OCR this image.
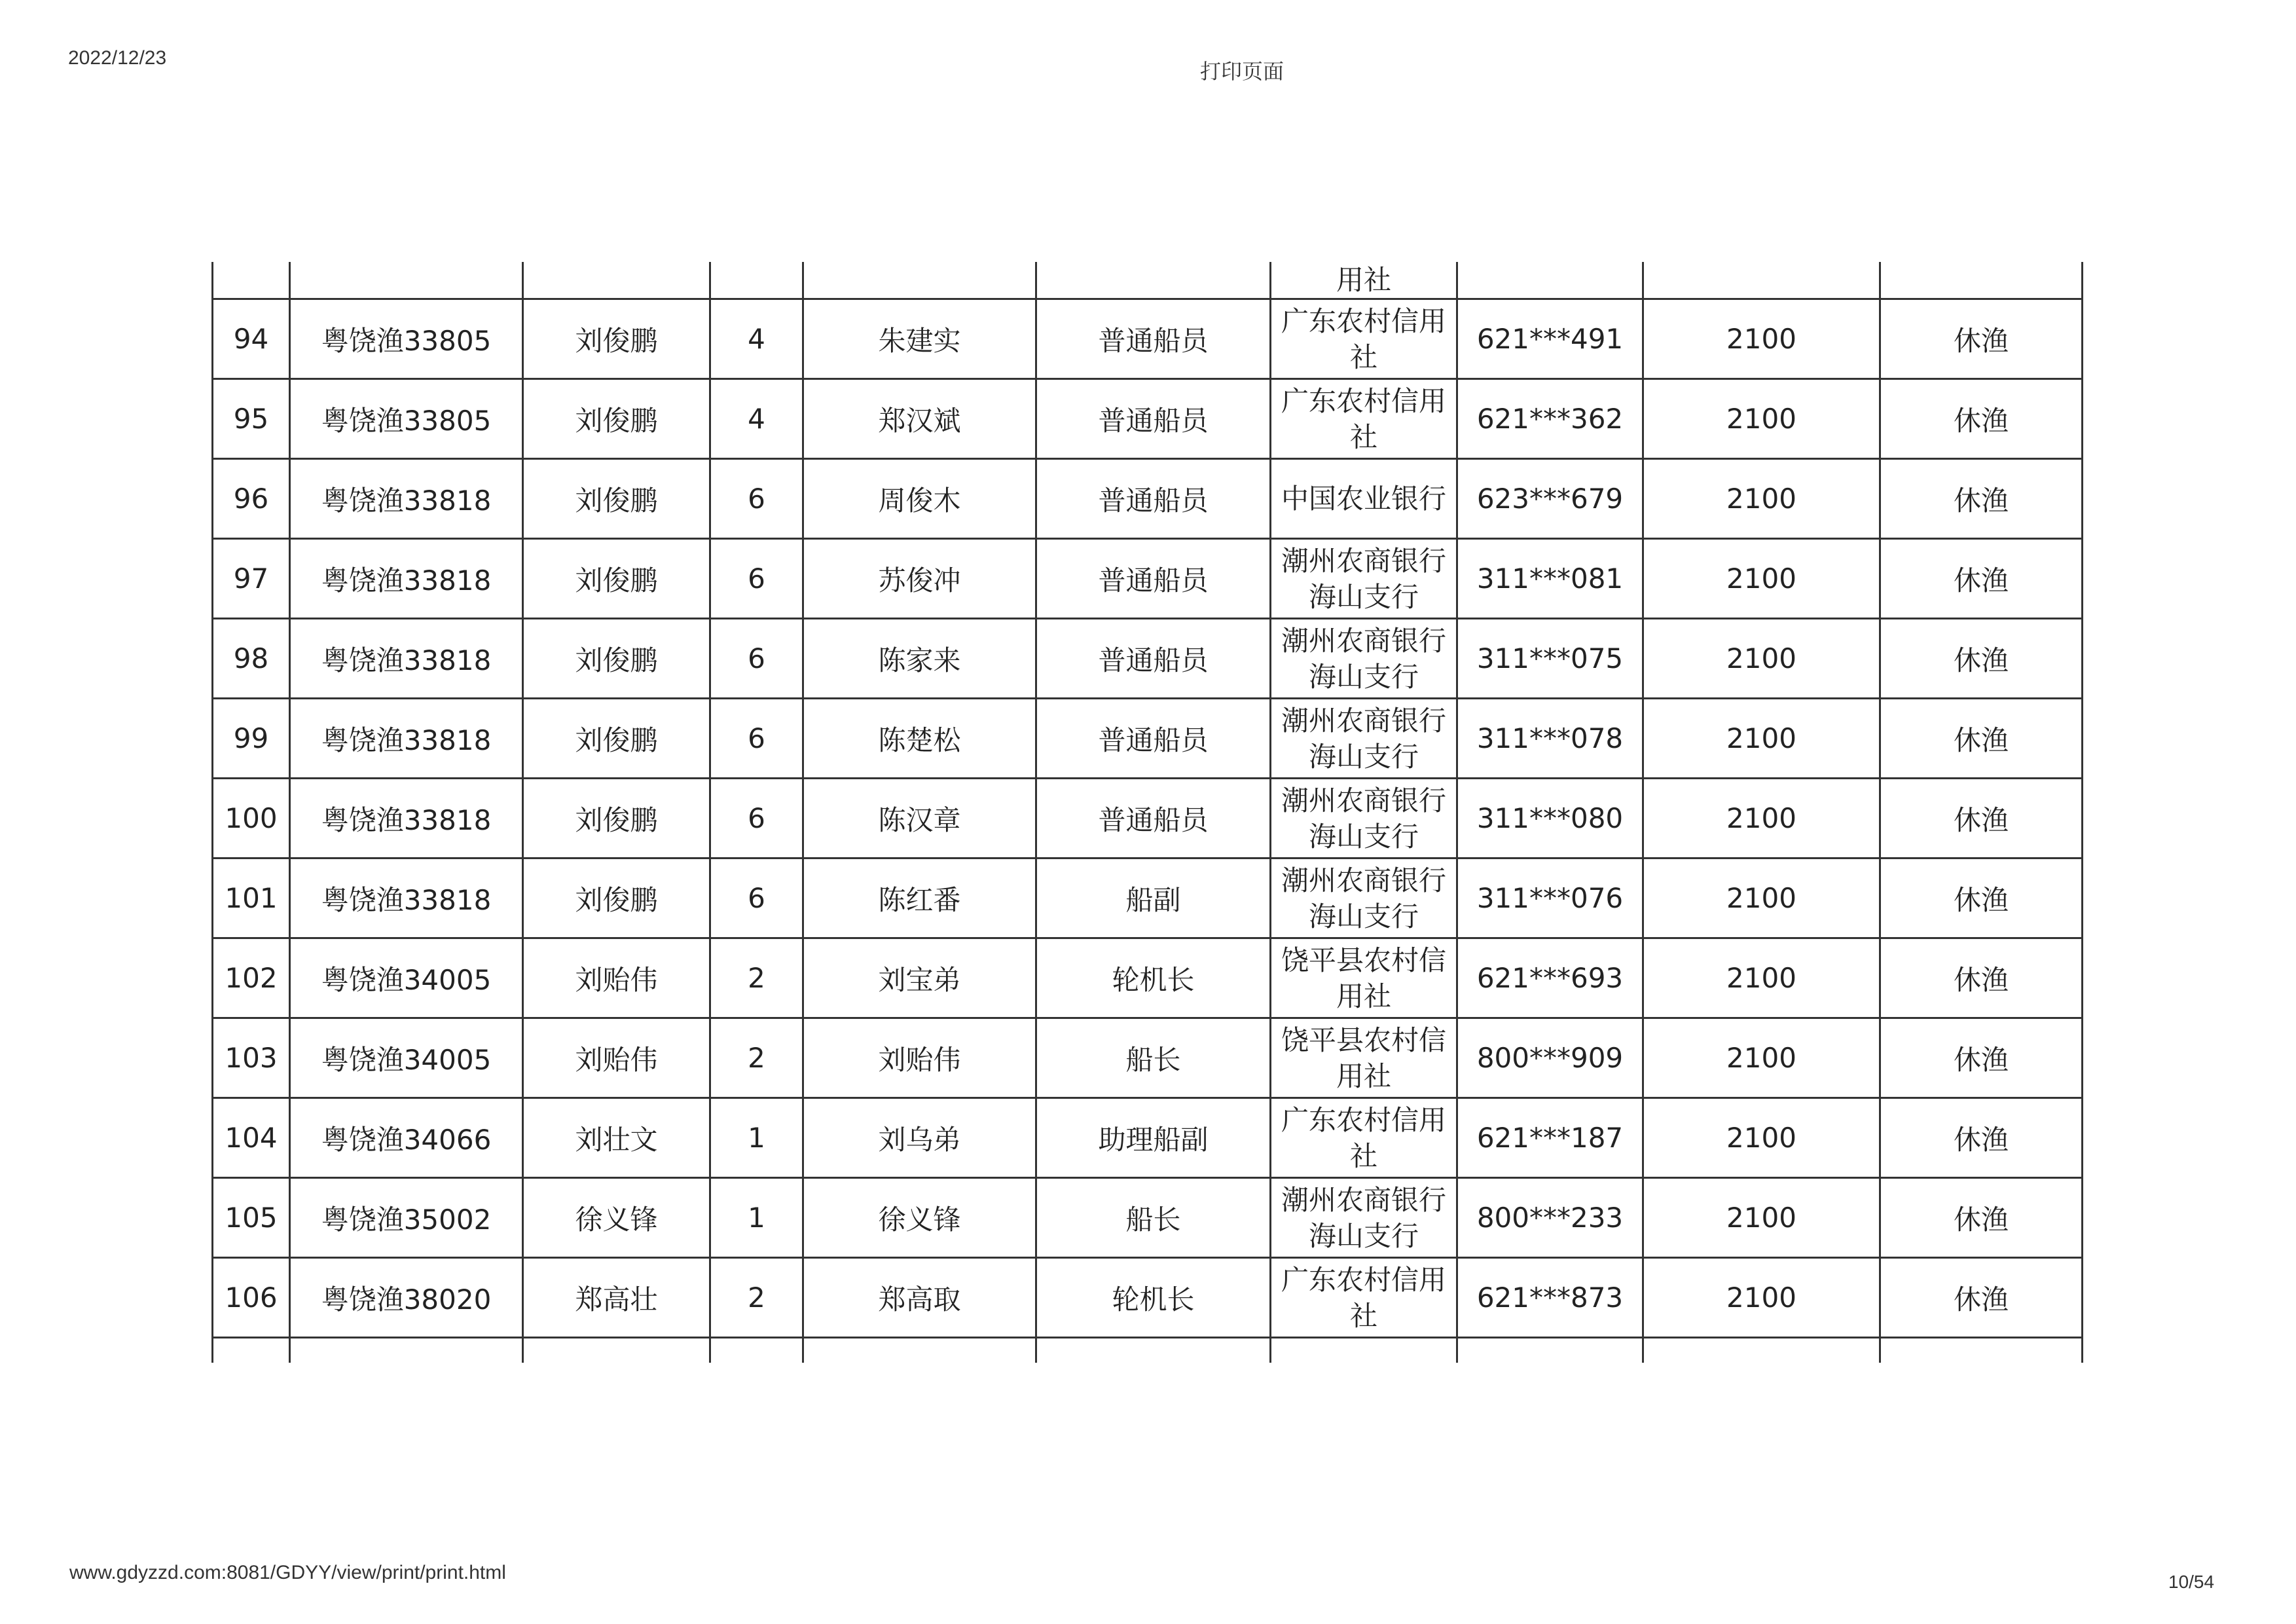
2022/12/23
打印页面
						用社			
94	粤饶渔33805	刘俊鹏	4	朱建实	普通船员	广东农村信用社	621***491	2100	休渔
95	粤饶渔33805	刘俊鹏	4	郑汉斌	普通船员	广东农村信用社	621***362	2100	休渔
96	粤饶渔33818	刘俊鹏	6	周俊木	普通船员	中国农业银行	623***679	2100	休渔
97	粤饶渔33818	刘俊鹏	6	苏俊冲	普通船员	潮州农商银行海山支行	311***081	2100	休渔
98	粤饶渔33818	刘俊鹏	6	陈家来	普通船员	潮州农商银行海山支行	311***075	2100	休渔
99	粤饶渔33818	刘俊鹏	6	陈楚松	普通船员	潮州农商银行海山支行	311***078	2100	休渔
100	粤饶渔33818	刘俊鹏	6	陈汉章	普通船员	潮州农商银行海山支行	311***080	2100	休渔
101	粤饶渔33818	刘俊鹏	6	陈红番	船副	潮州农商银行海山支行	311***076	2100	休渔
102	粤饶渔34005	刘贻伟	2	刘宝弟	轮机长	饶平县农村信用社	621***693	2100	休渔
103	粤饶渔34005	刘贻伟	2	刘贻伟	船长	饶平县农村信用社	800***909	2100	休渔
104	粤饶渔34066	刘壮文	1	刘乌弟	助理船副	广东农村信用社	621***187	2100	休渔
105	粤饶渔35002	徐义锋	1	徐义锋	船长	潮州农商银行海山支行	800***233	2100	休渔
106	粤饶渔38020	郑高壮	2	郑高取	轮机长	广东农村信用社	621***873	2100	休渔

www.gdyzzd.com:8081/GDYY/view/print/print.html	10/54
